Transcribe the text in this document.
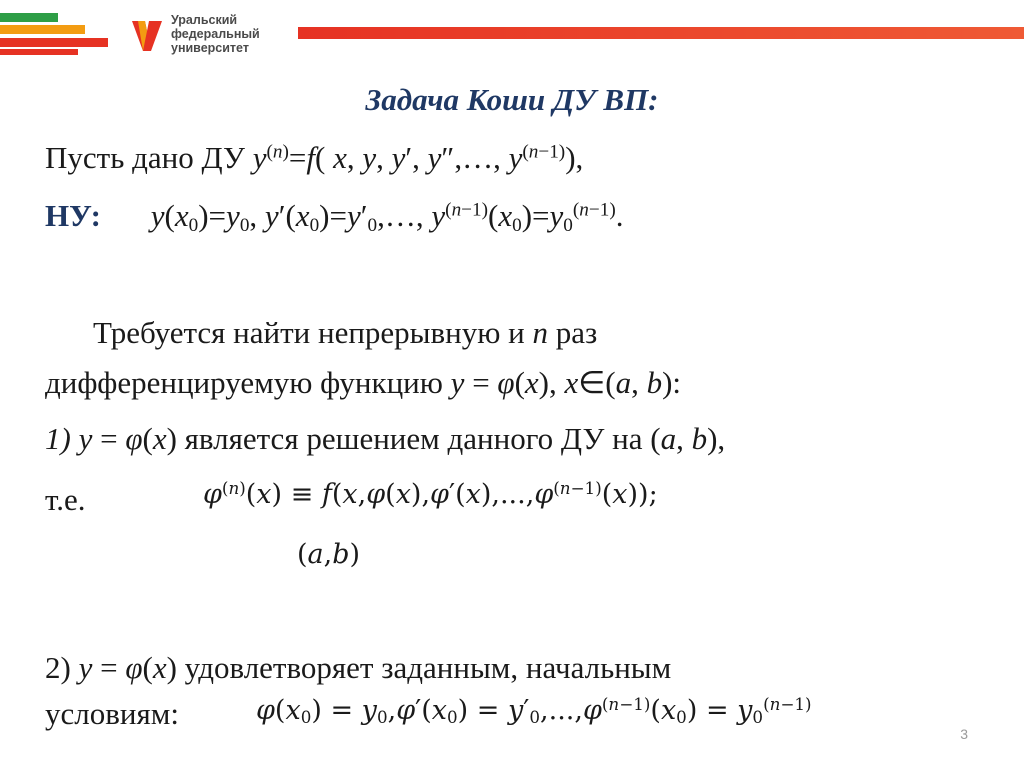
Уральский
федеральный
университет
Задача Коши ДУ ВП:
Пусть дано ДУ $y^{(n)}=f$( x, y, y′, y″,…, $y^{(n-1)}$),
НУ: $y(x_0)=y_0$, $y'(x_0)=y'_0,\dots$, $y^{(n-1)}(x_0)=y_0^{(n-1)}$.
Требуется найти непрерывную и n раз
дифференцируемую функцию y = φ(x), x∈(a, b):
1) y = φ(x) является решением данного ДУ на (a, b),
т.е.	$\varphi^{(n)}(x) \equiv f(x,\varphi(x),\varphi'(x),...,\varphi^{(n-1)}(x))$;
(a,b)
2) y = φ(x) удовлетворяет заданным, начальным
условиям:	$\varphi(x_0) = y_0,\varphi'(x_0) = y'_0,...,\varphi^{(n-1)}(x_0) = y_0^{(n-1)}$
3
